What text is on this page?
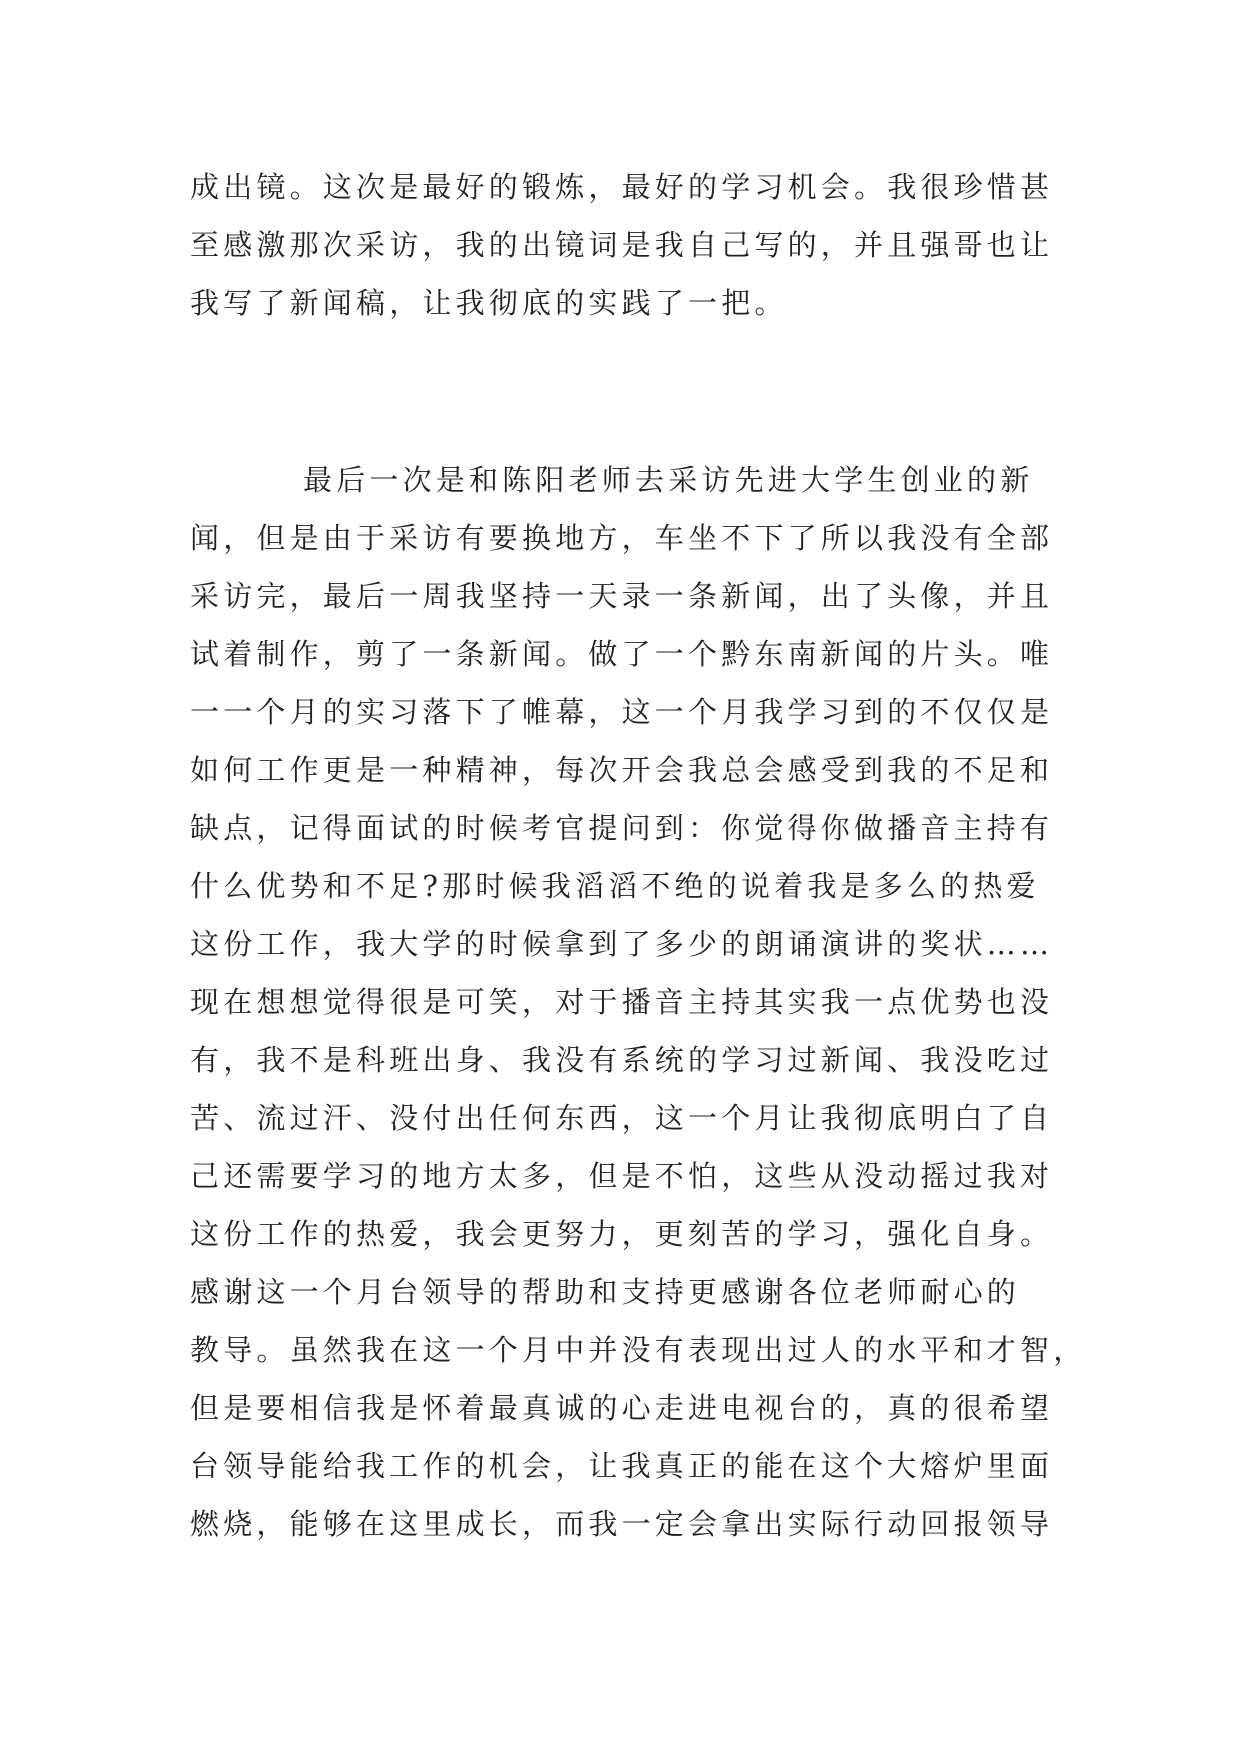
成出镜。这次是最好的锻炼，最好的学习机会。我很珍惜甚
至感激那次采访，我的出镜词是我自己写的，并且强哥也让
我写了新闻稿，让我彻底的实践了一把。
最后一次是和陈阳老师去采访先进大学生创业的新
闻，但是由于采访有要换地方，车坐不下了所以我没有全部
采访完，最后一周我坚持一天录一条新闻，出了头像，并且
试着制作，剪了一条新闻。做了一个黔东南新闻的片头。唯
一一个月的实习落下了帷幕，这一个月我学习到的不仅仅是
如何工作更是一种精神，每次开会我总会感受到我的不足和
缺点，记得面试的时候考官提问到：你觉得你做播音主持有
什么优势和不足?那时候我滔滔不绝的说着我是多么的热爱
这份工作，我大学的时候拿到了多少的朗诵演讲的奖状……
现在想想觉得很是可笑，对于播音主持其实我一点优势也没
有，我不是科班出身、我没有系统的学习过新闻、我没吃过
苦、流过汗、没付出任何东西，这一个月让我彻底明白了自
己还需要学习的地方太多，但是不怕，这些从没动摇过我对
这份工作的热爱，我会更努力，更刻苦的学习，强化自身。
感谢这一个月台领导的帮助和支持更感谢各位老师耐心的
教导。虽然我在这一个月中并没有表现出过人的水平和才智，
但是要相信我是怀着最真诚的心走进电视台的，真的很希望
台领导能给我工作的机会，让我真正的能在这个大熔炉里面
燃烧，能够在这里成长，而我一定会拿出实际行动回报领导
